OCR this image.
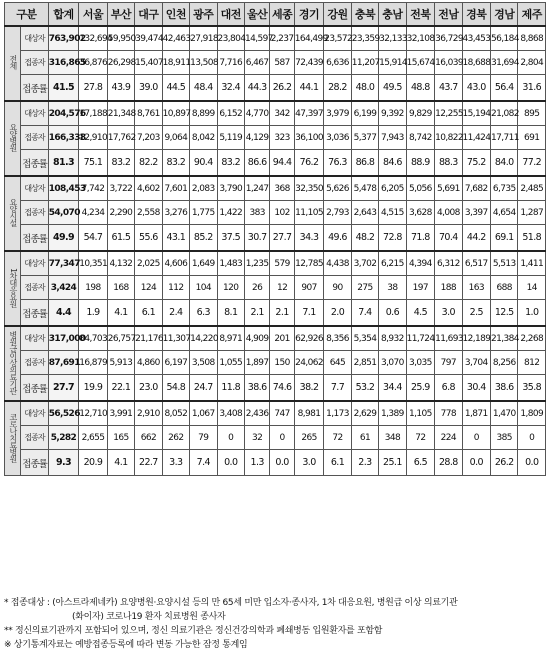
구분		합계	서울	부산	대구	인천	광주	대전	울산	세종	경기	강원	충북	충남	전북	전남	경북	경남	제주
전체	대상자	763,902	132,694	59,950	39,474	42,463	27,918	23,804	14,597	2,237	164,499	23,572	23,359	32,133	32,108	36,729	43,453	56,184	8,868
	접종자	316,865	36,876	26,298	15,407	18,911	13,508	7,716	6,467	587	72,439	6,636	11,207	15,914	15,674	16,039	18,688	31,694	2,804
	접종률	41.5	27.8	43.9	39.0	44.5	48.4	32.4	44.3	26.2	44.1	28.2	48.0	49.5	48.8	43.7	43.0	56.4	31.6
요양병원	대상자	204,576	17,188	21,348	8,761	10,897	8,899	6,152	4,770	342	47,397	3,979	6,199	9,392	9,829	12,255	15,194	21,082	895
	접종자	166,338	12,910	17,762	7,203	9,064	8,042	5,119	4,129	323	36,100	3,036	5,377	7,943	8,742	10,822	11,424	17,711	691
	접종률	81.3	75.1	83.2	82.2	83.2	90.4	83.2	86.6	94.4	76.2	76.3	86.8	84.6	88.9	88.3	75.2	84.0	77.2
요양시설	대상자	108,453	7,742	3,722	4,602	7,601	2,083	3,790	1,247	368	32,350	5,626	5,478	6,205	5,056	5,691	7,682	6,735	2,485
	접종자	54,070	4,234	2,290	2,558	3,276	1,775	1,422	383	102	11,105	2,793	2,643	4,515	3,628	4,008	3,397	4,654	1,287
	접종률	49.9	54.7	61.5	55.6	43.1	85.2	37.5	30.7	27.7	34.3	49.6	48.2	72.8	71.8	70.4	44.2	69.1	51.8
1차대응요원	대상자	77,347	10,351	4,132	2,025	4,606	1,649	1,483	1,235	579	12,785	4,438	3,702	6,215	4,394	6,312	6,517	5,513	1,411
	접종자	3,424	198	168	124	112	104	120	26	12	907	90	275	38	197	188	163	688	14
	접종률	4.4	1.9	4.1	6.1	2.4	6.3	8.1	2.1	2.1	7.1	2.0	7.4	0.6	4.5	3.0	2.5	12.5	1.0
병원급이상의료기관	대상자	317,000	84,703	26,757	21,176	11,307	14,220	8,971	4,909	201	62,926	8,356	5,354	8,932	11,724	11,693	12,189	21,384	2,268
	접종자	87,691	16,879	5,913	4,860	6,197	3,508	1,055	1,897	150	24,062	645	2,851	3,070	3,035	797	3,704	8,256	812
	접종률	27.7	19.9	22.1	23.0	54.8	24.7	11.8	38.6	74.6	38.2	7.7	53.2	34.4	25.9	6.8	30.4	38.6	35.8
코로나치료병원	대상자	56,526	12,710	3,991	2,910	8,052	1,067	3,408	2,436	747	8,981	1,173	2,629	1,389	1,105	778	1,871	1,470	1,809
	접종자	5,282	2,655	165	662	262	79	0	32	0	265	72	61	348	72	224	0	385	0
	접종률	9.3	20.9	4.1	22.7	3.3	7.4	0.0	1.3	0.0	3.0	6.1	2.3	25.1	6.5	28.8	0.0	26.2	0.0
* 접종대상 : (아스트라제네카) 요양병원·요양시설 등의 만 65세 미만 입소자·종사자, 1차 대응요원, 병원급 이상 의료기관
(화이자) 코로나19 환자 치료병원 종사자
** 정신의료기관까지 포함되어 있으며, 정신 의료기관은 정신건강의학과 폐쇄병동 입원환자를 포함함
※ 상기통계자료는 예방접종등록에 따라 변동 가능한 잠정 통계임
